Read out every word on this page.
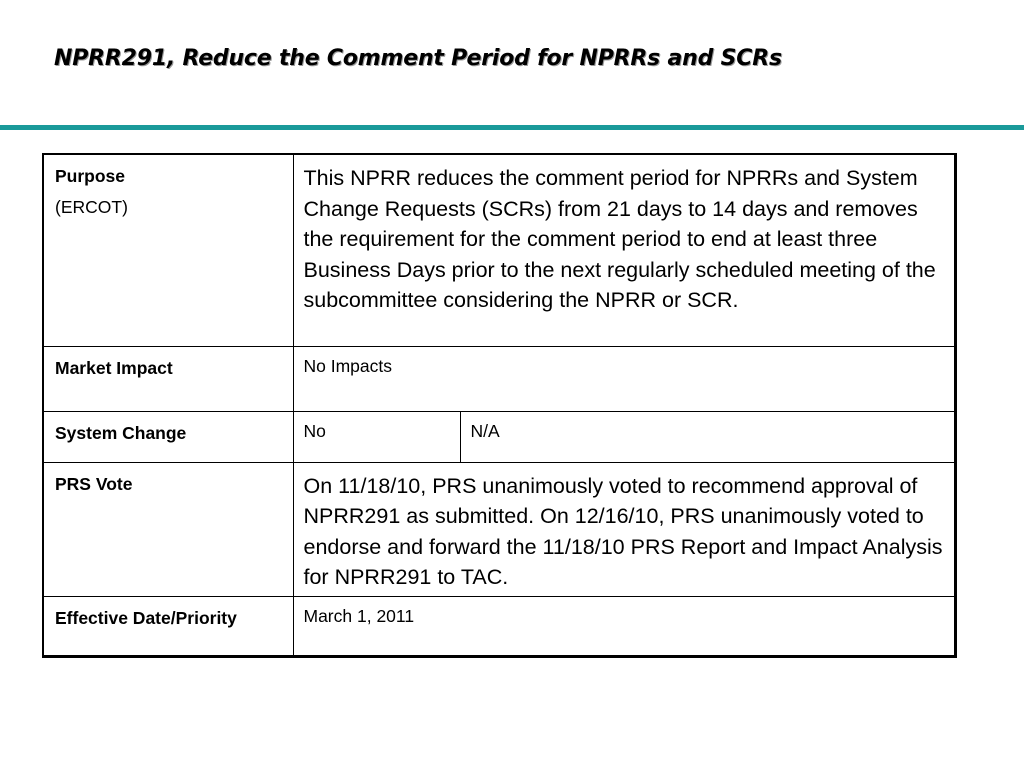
NPRR291, Reduce the Comment Period for NPRRs and SCRs
Purpose
(ERCOT)	This NPRR reduces the comment period for NPRRs and System Change Requests (SCRs) from 21 days to 14 days and removes the requirement for the comment period to end at least three Business Days prior to the next regularly scheduled meeting of the subcommittee considering the NPRR or SCR.	
Market Impact	No Impacts	
System Change	No	N/A
PRS Vote	On 11/18/10, PRS unanimously voted to recommend approval of NPRR291 as submitted. On 12/16/10, PRS unanimously voted to endorse and forward the 11/18/10 PRS Report and Impact Analysis for NPRR291 to TAC.	
Effective Date/Priority	March 1, 2011	
